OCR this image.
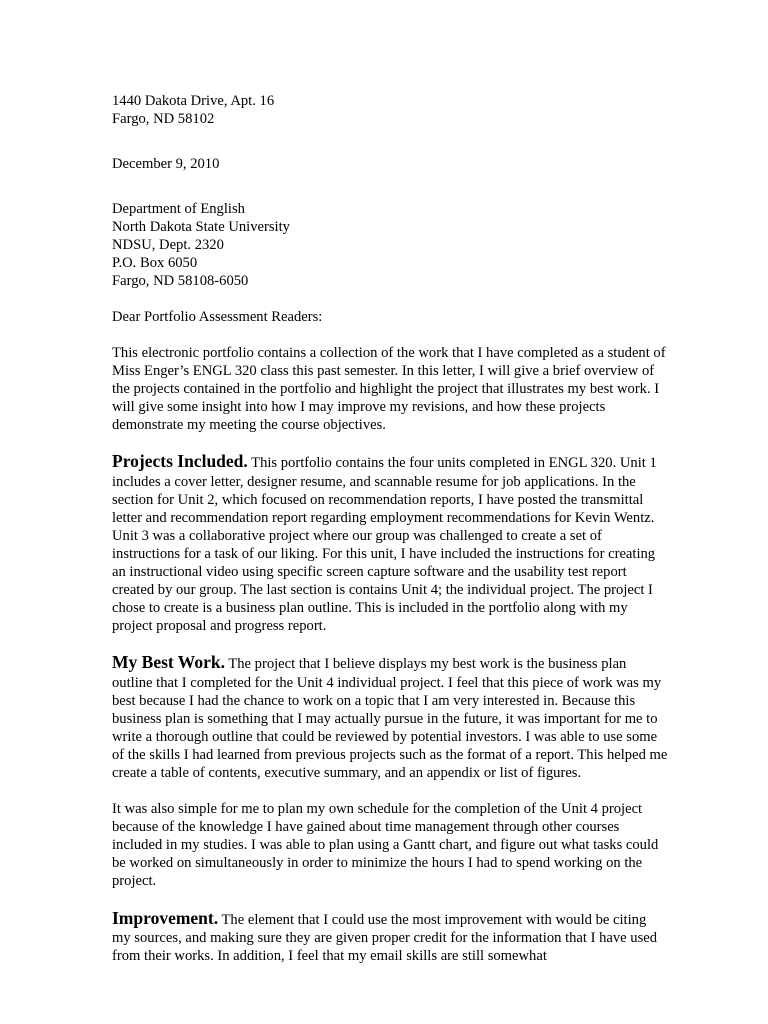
1440 Dakota Drive, Apt. 16
Fargo, ND 58102
December 9, 2010
Department of English
North Dakota State University
NDSU, Dept. 2320
P.O. Box 6050
Fargo, ND 58108-6050
Dear Portfolio Assessment Readers:

This electronic portfolio contains a collection of the work that I have completed as a student of Miss Enger’s ENGL 320 class this past semester. In this letter, I will give a brief overview of the projects contained in the portfolio and highlight the project that illustrates my best work. I will give some insight into how I may improve my revisions, and how these projects demonstrate my meeting the course objectives.

Projects Included. This portfolio contains the four units completed in ENGL 320. Unit 1 includes a cover letter, designer resume, and scannable resume for job applications. In the section for Unit 2, which focused on recommendation reports, I have posted the transmittal letter and recommendation report regarding employment recommendations for Kevin Wentz. Unit 3 was a collaborative project where our group was challenged to create a set of instructions for a task of our liking. For this unit, I have included the instructions for creating an instructional video using specific screen capture software and the usability test report created by our group. The last section is contains Unit 4; the individual project. The project I chose to create is a business plan outline. This is included in the portfolio along with my project proposal and progress report.

My Best Work. The project that I believe displays my best work is the business plan outline that I completed for the Unit 4 individual project. I feel that this piece of work was my best because I had the chance to work on a topic that I am very interested in. Because this business plan is something that I may actually pursue in the future, it was important for me to write a thorough outline that could be reviewed by potential investors. I was able to use some of the skills I had learned from previous projects such as the format of a report. This helped me create a table of contents, executive summary, and an appendix or list of figures.

It was also simple for me to plan my own schedule for the completion of the Unit 4 project because of the knowledge I have gained about time management through other courses included in my studies. I was able to plan using a Gantt chart, and figure out what tasks could be worked on simultaneously in order to minimize the hours I had to spend working on the project.

Improvement. The element that I could use the most improvement with would be citing my sources, and making sure they are given proper credit for the information that I have used from their works. In addition, I feel that my email skills are still somewhat
